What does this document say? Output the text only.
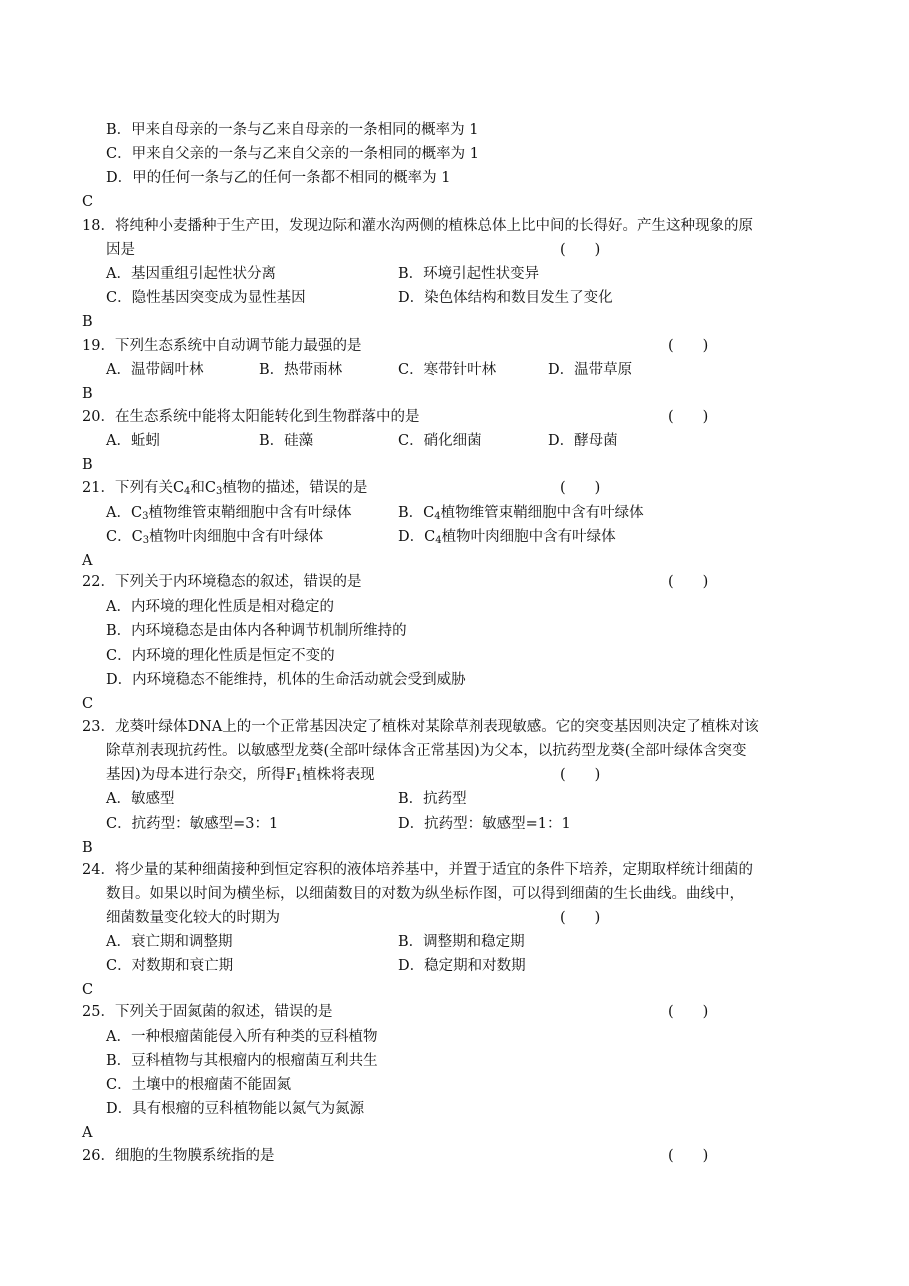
B．甲来自母亲的一条与乙来自母亲的一条相同的概率为 1
C．甲来自父亲的一条与乙来自父亲的一条相同的概率为 1
D．甲的任何一条与乙的任何一条都不相同的概率为 1
C
18．将纯种小麦播种于生产田，发现边际和灌水沟两侧的植株总体上比中间的长得好。产生这种现象的原
因是	(　　)
A．基因重组引起性状分离	B．环境引起性状变异
C．隐性基因突变成为显性基因	D．染色体结构和数目发生了变化
B
19．下列生态系统中自动调节能力最强的是	(　　)
A．温带阔叶林	B．热带雨林	C．寒带针叶林	D．温带草原
B
20．在生态系统中能将太阳能转化到生物群落中的是	(　　)
A．蚯蚓	B．硅藻	C．硝化细菌	D．酵母菌
B
21．下列有关$C_4$和$C_3$植物的描述，错误的是	(　　)
A．$C_3$植物维管束鞘细胞中含有叶绿体	B．$C_4$植物维管束鞘细胞中含有叶绿体
C．$C_3$植物叶肉细胞中含有叶绿体	D．$C_4$植物叶肉细胞中含有叶绿体
A
22．下列关于内环境稳态的叙述，错误的是	(　　)
A．内环境的理化性质是相对稳定的
B．内环境稳态是由体内各种调节机制所维持的
C．内环境的理化性质是恒定不变的
D．内环境稳态不能维持，机体的生命活动就会受到威胁
C
23．龙葵叶绿体DNA上的一个正常基因决定了植株对某除草剂表现敏感。它的突变基因则决定了植株对该
除草剂表现抗药性。以敏感型龙葵(全部叶绿体含正常基因)为父本，以抗药型龙葵(全部叶绿体含突变
基因)为母本进行杂交，所得$F_1$植株将表现	(　　)
A．敏感型	B．抗药型
C．抗药型：敏感型=3：1	D．抗药型：敏感型=1：1
B
24．将少量的某种细菌接种到恒定容积的液体培养基中，并置于适宜的条件下培养，定期取样统计细菌的
数目。如果以时间为横坐标，以细菌数目的对数为纵坐标作图，可以得到细菌的生长曲线。曲线中，
细菌数量变化较大的时期为	(　　)
A．衰亡期和调整期	B．调整期和稳定期
C．对数期和衰亡期	D．稳定期和对数期
C
25．下列关于固氮菌的叙述，错误的是	(　　)
A．一种根瘤菌能侵入所有种类的豆科植物
B．豆科植物与其根瘤内的根瘤菌互利共生
C．土壤中的根瘤菌不能固氮
D．具有根瘤的豆科植物能以氮气为氮源
A
26．细胞的生物膜系统指的是	(　　)
